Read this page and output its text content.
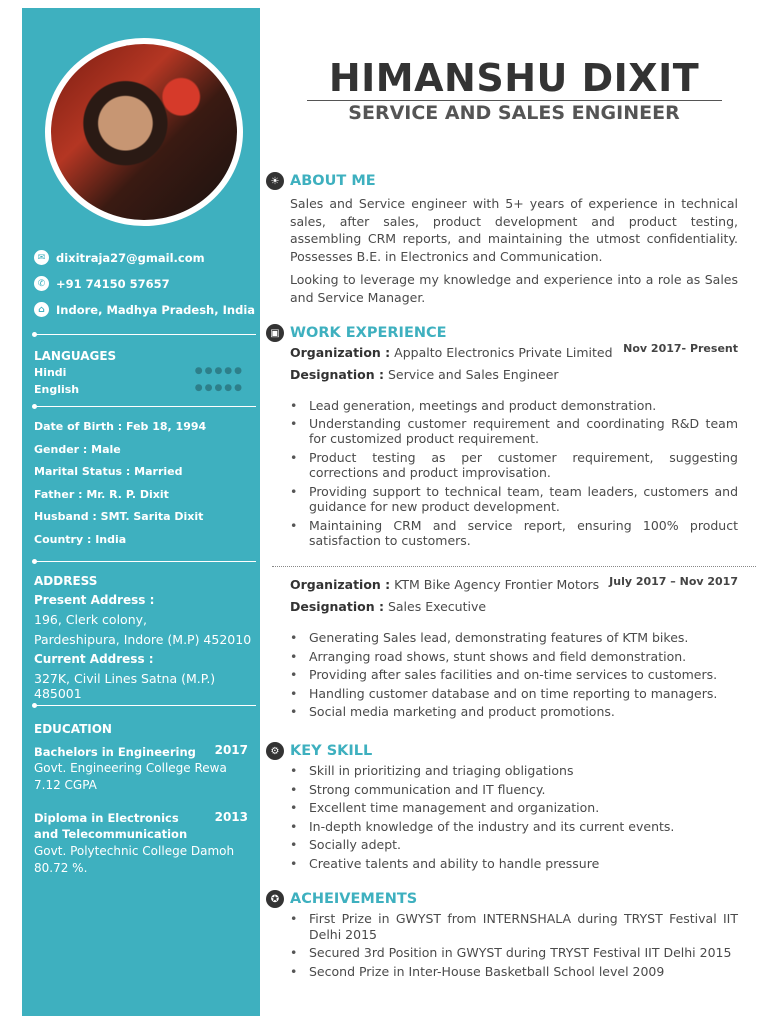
✉ dixitraja27@gmail.com
✆ +91 74150 57657
⌂ Indore, Madhya Pradesh, India
LANGUAGES
Hindi	●●●●●
English	●●●●●
Date of Birth : Feb 18, 1994
Gender : Male
Marital Status : Married
Father : Mr. R. P. Dixit
Husband : SMT. Sarita Dixit
Country : India
ADDRESS
Present Address :
196, Clerk colony,
Pardeshipura, Indore (M.P) 452010
Current Address :
327K, Civil Lines Satna (M.P.) 485001
EDUCATION
Bachelors in Engineering	2017
Govt. Engineering College Rewa
7.12 CGPA
Diploma in Electronics and Telecommunication
2013
Govt. Polytechnic College Damoh
80.72 %.
HIMANSHU DIXIT
SERVICE AND SALES ENGINEER
☀ ABOUT ME
Sales and Service engineer with 5+ years of experience in technical sales, after sales, product development and product testing, assembling CRM reports, and maintaining the utmost confidentiality. Possesses B.E. in Electronics and Communication.
Looking to leverage my knowledge and experience into a role as Sales and Service Manager.
▣ WORK EXPERIENCE
Organization : Appalto Electronics Private Limited Nov 2017- Present
Designation : Service and Sales Engineer
• Lead generation, meetings and product demonstration.
• Understanding customer requirement and coordinating R&D team for customized product requirement.
• Product testing as per customer requirement, suggesting corrections and product improvisation.
• Providing support to technical team, team leaders, customers and guidance for new product development.
• Maintaining CRM and service report, ensuring 100% product satisfaction to customers.
Organization : KTM Bike Agency Frontier Motors July 2017 – Nov 2017
Designation : Sales Executive
• Generating Sales lead, demonstrating features of KTM bikes.
• Arranging road shows, stunt shows and field demonstration.
• Providing after sales facilities and on-time services to customers.
• Handling customer database and on time reporting to managers.
• Social media marketing and product promotions.
⚙ KEY SKILL
• Skill in prioritizing and triaging obligations
• Strong communication and IT fluency.
• Excellent time management and organization.
• In-depth knowledge of the industry and its current events.
• Socially adept.
• Creative talents and ability to handle pressure
✪ ACHEIVEMENTS
• First Prize in GWYST from INTERNSHALA during TRYST Festival IIT Delhi 2015
• Secured 3rd Position in GWYST during TRYST Festival IIT Delhi 2015
• Second Prize in Inter-House Basketball School level 2009
